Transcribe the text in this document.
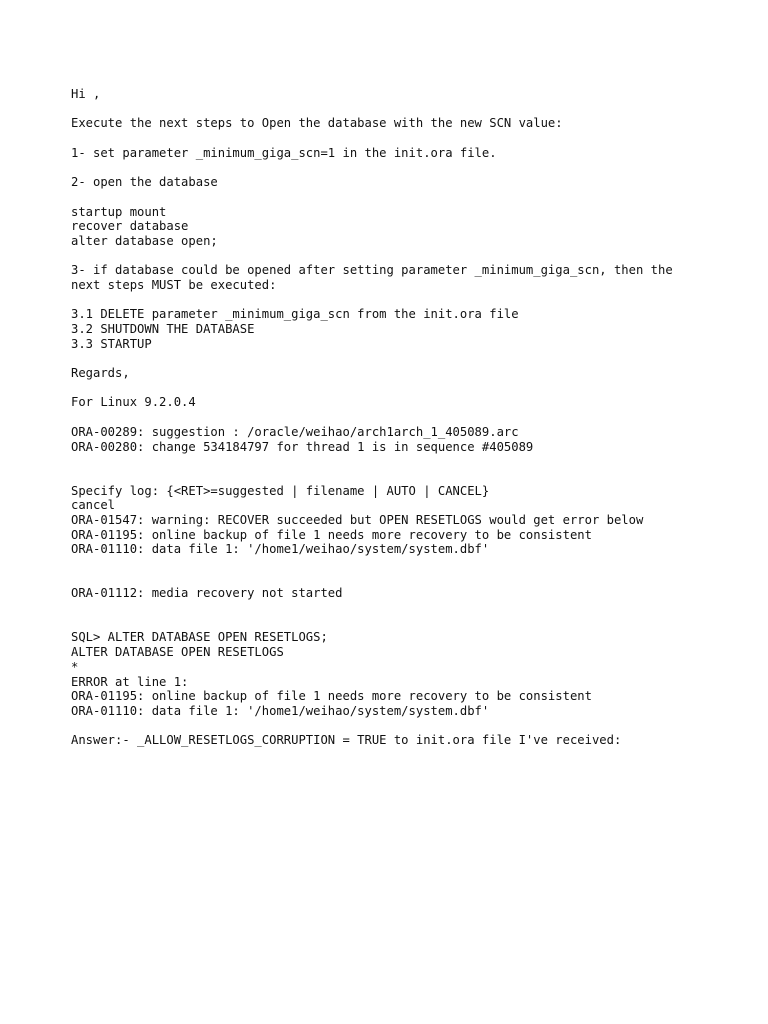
Hi ,
Execute the next steps to Open the database with the new SCN value:
1- set parameter _minimum_giga_scn=1 in the init.ora file.
2- open the database
startup mount
recover database
alter database open;
3- if database could be opened after setting parameter _minimum_giga_scn, then the
next steps MUST be executed:
3.1 DELETE parameter _minimum_giga_scn from the init.ora file
3.2 SHUTDOWN THE DATABASE
3.3 STARTUP
Regards,
For Linux 9.2.0.4
ORA-00289: suggestion : /oracle/weihao/arch1arch_1_405089.arc
ORA-00280: change 534184797 for thread 1 is in sequence #405089
Specify log: {<RET>=suggested | filename | AUTO | CANCEL}
cancel
ORA-01547: warning: RECOVER succeeded but OPEN RESETLOGS would get error below
ORA-01195: online backup of file 1 needs more recovery to be consistent
ORA-01110: data file 1: '/home1/weihao/system/system.dbf'
ORA-01112: media recovery not started
SQL> ALTER DATABASE OPEN RESETLOGS;
ALTER DATABASE OPEN RESETLOGS
*
ERROR at line 1:
ORA-01195: online backup of file 1 needs more recovery to be consistent
ORA-01110: data file 1: '/home1/weihao/system/system.dbf'
Answer:- _ALLOW_RESETLOGS_CORRUPTION = TRUE to init.ora file I've received:
